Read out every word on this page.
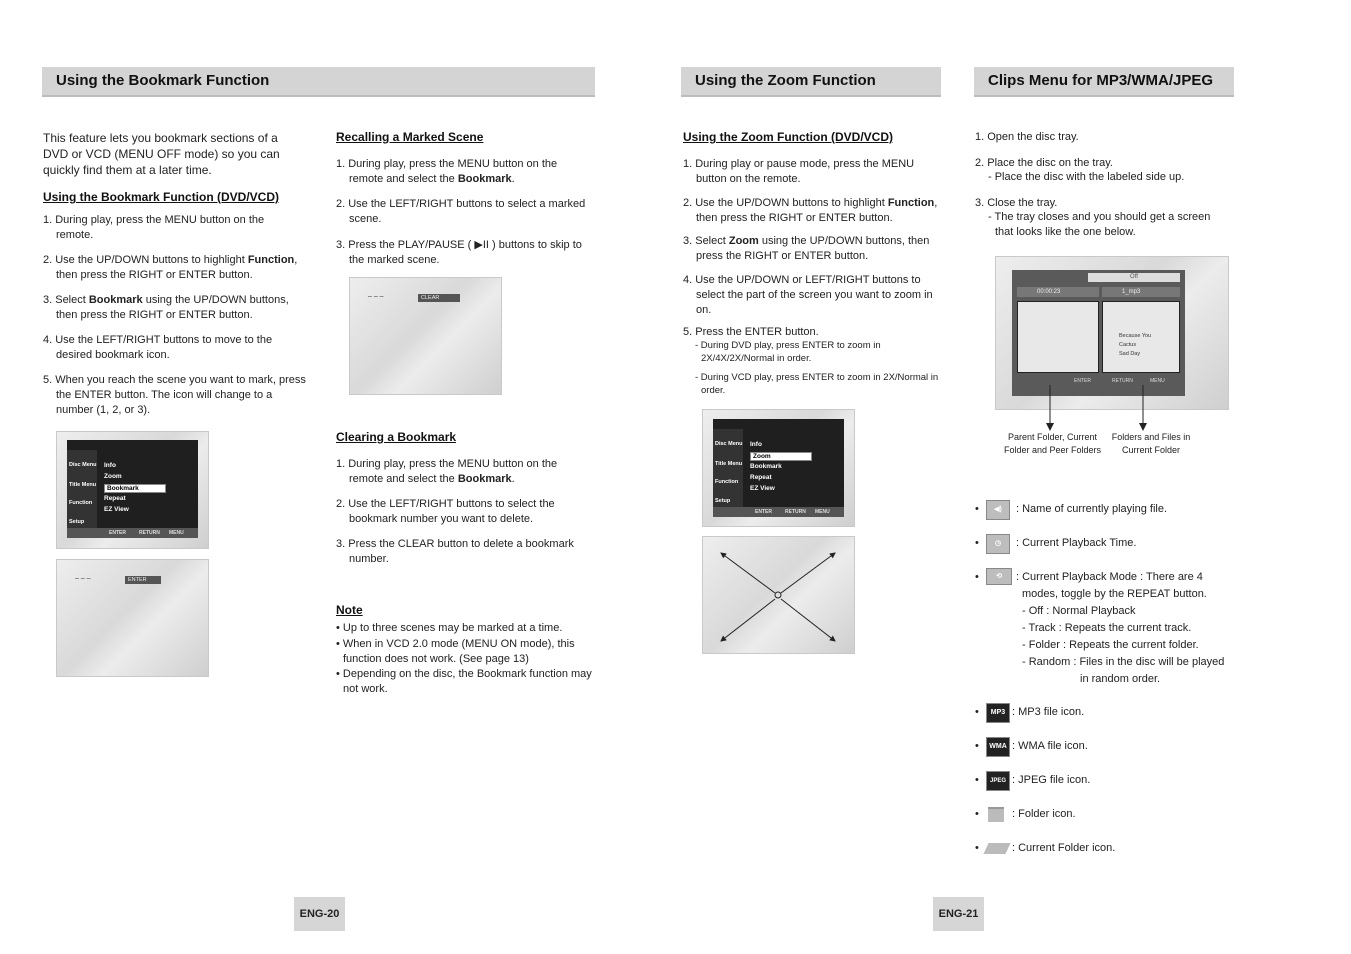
Using the Bookmark Function
This feature lets you bookmark sections of a DVD or VCD (MENU OFF mode) so you can quickly find them at a later time.
Using the Bookmark Function (DVD/VCD)
1. During play, press the MENU button on the remote.
2. Use the UP/DOWN buttons to highlight Function, then press the RIGHT or ENTER button.
3. Select Bookmark using the UP/DOWN buttons, then press the RIGHT or ENTER button.
4. Use the LEFT/RIGHT buttons to move to the desired bookmark icon.
5. When you reach the scene you want to mark, press the ENTER button. The icon will change to a number (1, 2, or 3).
Disc Menu
Title Menu
Function
Setup
Info
Zoom
Bookmark
Repeat
EZ View
ENTER	RETURN MENU
– – –	ENTER
Recalling a Marked Scene
1. During play, press the MENU button on the remote and select the Bookmark.
2. Use the LEFT/RIGHT buttons to select a marked scene.
3. Press the PLAY/PAUSE ( ▶II ) buttons to skip to the marked scene.
– – –	CLEAR
Clearing a Bookmark
1. During play, press the MENU button on the remote and select the Bookmark.
2. Use the LEFT/RIGHT buttons to select the bookmark number you want to delete.
3. Press the CLEAR button to delete a bookmark number.
Note
• Up to three scenes may be marked at a time.
• When in VCD 2.0 mode (MENU ON mode), this function does not work. (See page 13)
• Depending on the disc, the Bookmark function may not work.
ENG-20
Using the Zoom Function
Using the Zoom Function (DVD/VCD)
1. During play or pause mode, press the MENU button on the remote.
2. Use the UP/DOWN buttons to highlight Function, then press the RIGHT or ENTER button.
3. Select Zoom using the UP/DOWN buttons, then press the RIGHT or ENTER button.
4. Use the UP/DOWN or LEFT/RIGHT buttons to select the part of the screen you want to zoom in on.
5. Press the ENTER button.
- During DVD play, press ENTER to zoom in 2X/4X/2X/Normal in order.
- During VCD play, press ENTER to zoom in 2X/Normal in order.
Disc Menu
Title Menu
Function
Setup
Info
Zoom
Bookmark
Repeat
EZ View
ENTER	RETURN MENU
Clips Menu for MP3/WMA/JPEG
1. Open the disc tray.
2. Place the disc on the tray.
- Place the disc with the labeled side up.
3. Close the tray.
- The tray closes and you should get a screen that looks like the one below.
Off
00:00:23	1_mp3
Because You
Cactus
Sad Day
ENTER	RETURN	MENU
Parent Folder, Current Folder and Peer Folders
Folders and Files in Current Folder
•	◀)	: Name of currently playing file.
•	◷	: Current Playback Time.
•	⟲	: Current Playback Mode : There are 4 modes, toggle by the REPEAT button.
- Off : Normal Playback
- Track : Repeats the current track.
- Folder : Repeats the current folder.
- Random : Files in the disc will be played
in random order.
•	MP3 : MP3 file icon.
•	WMA : WMA file icon.
•	JPEG : JPEG file icon.
•	: Folder icon.
•	: Current Folder icon.
ENG-21
